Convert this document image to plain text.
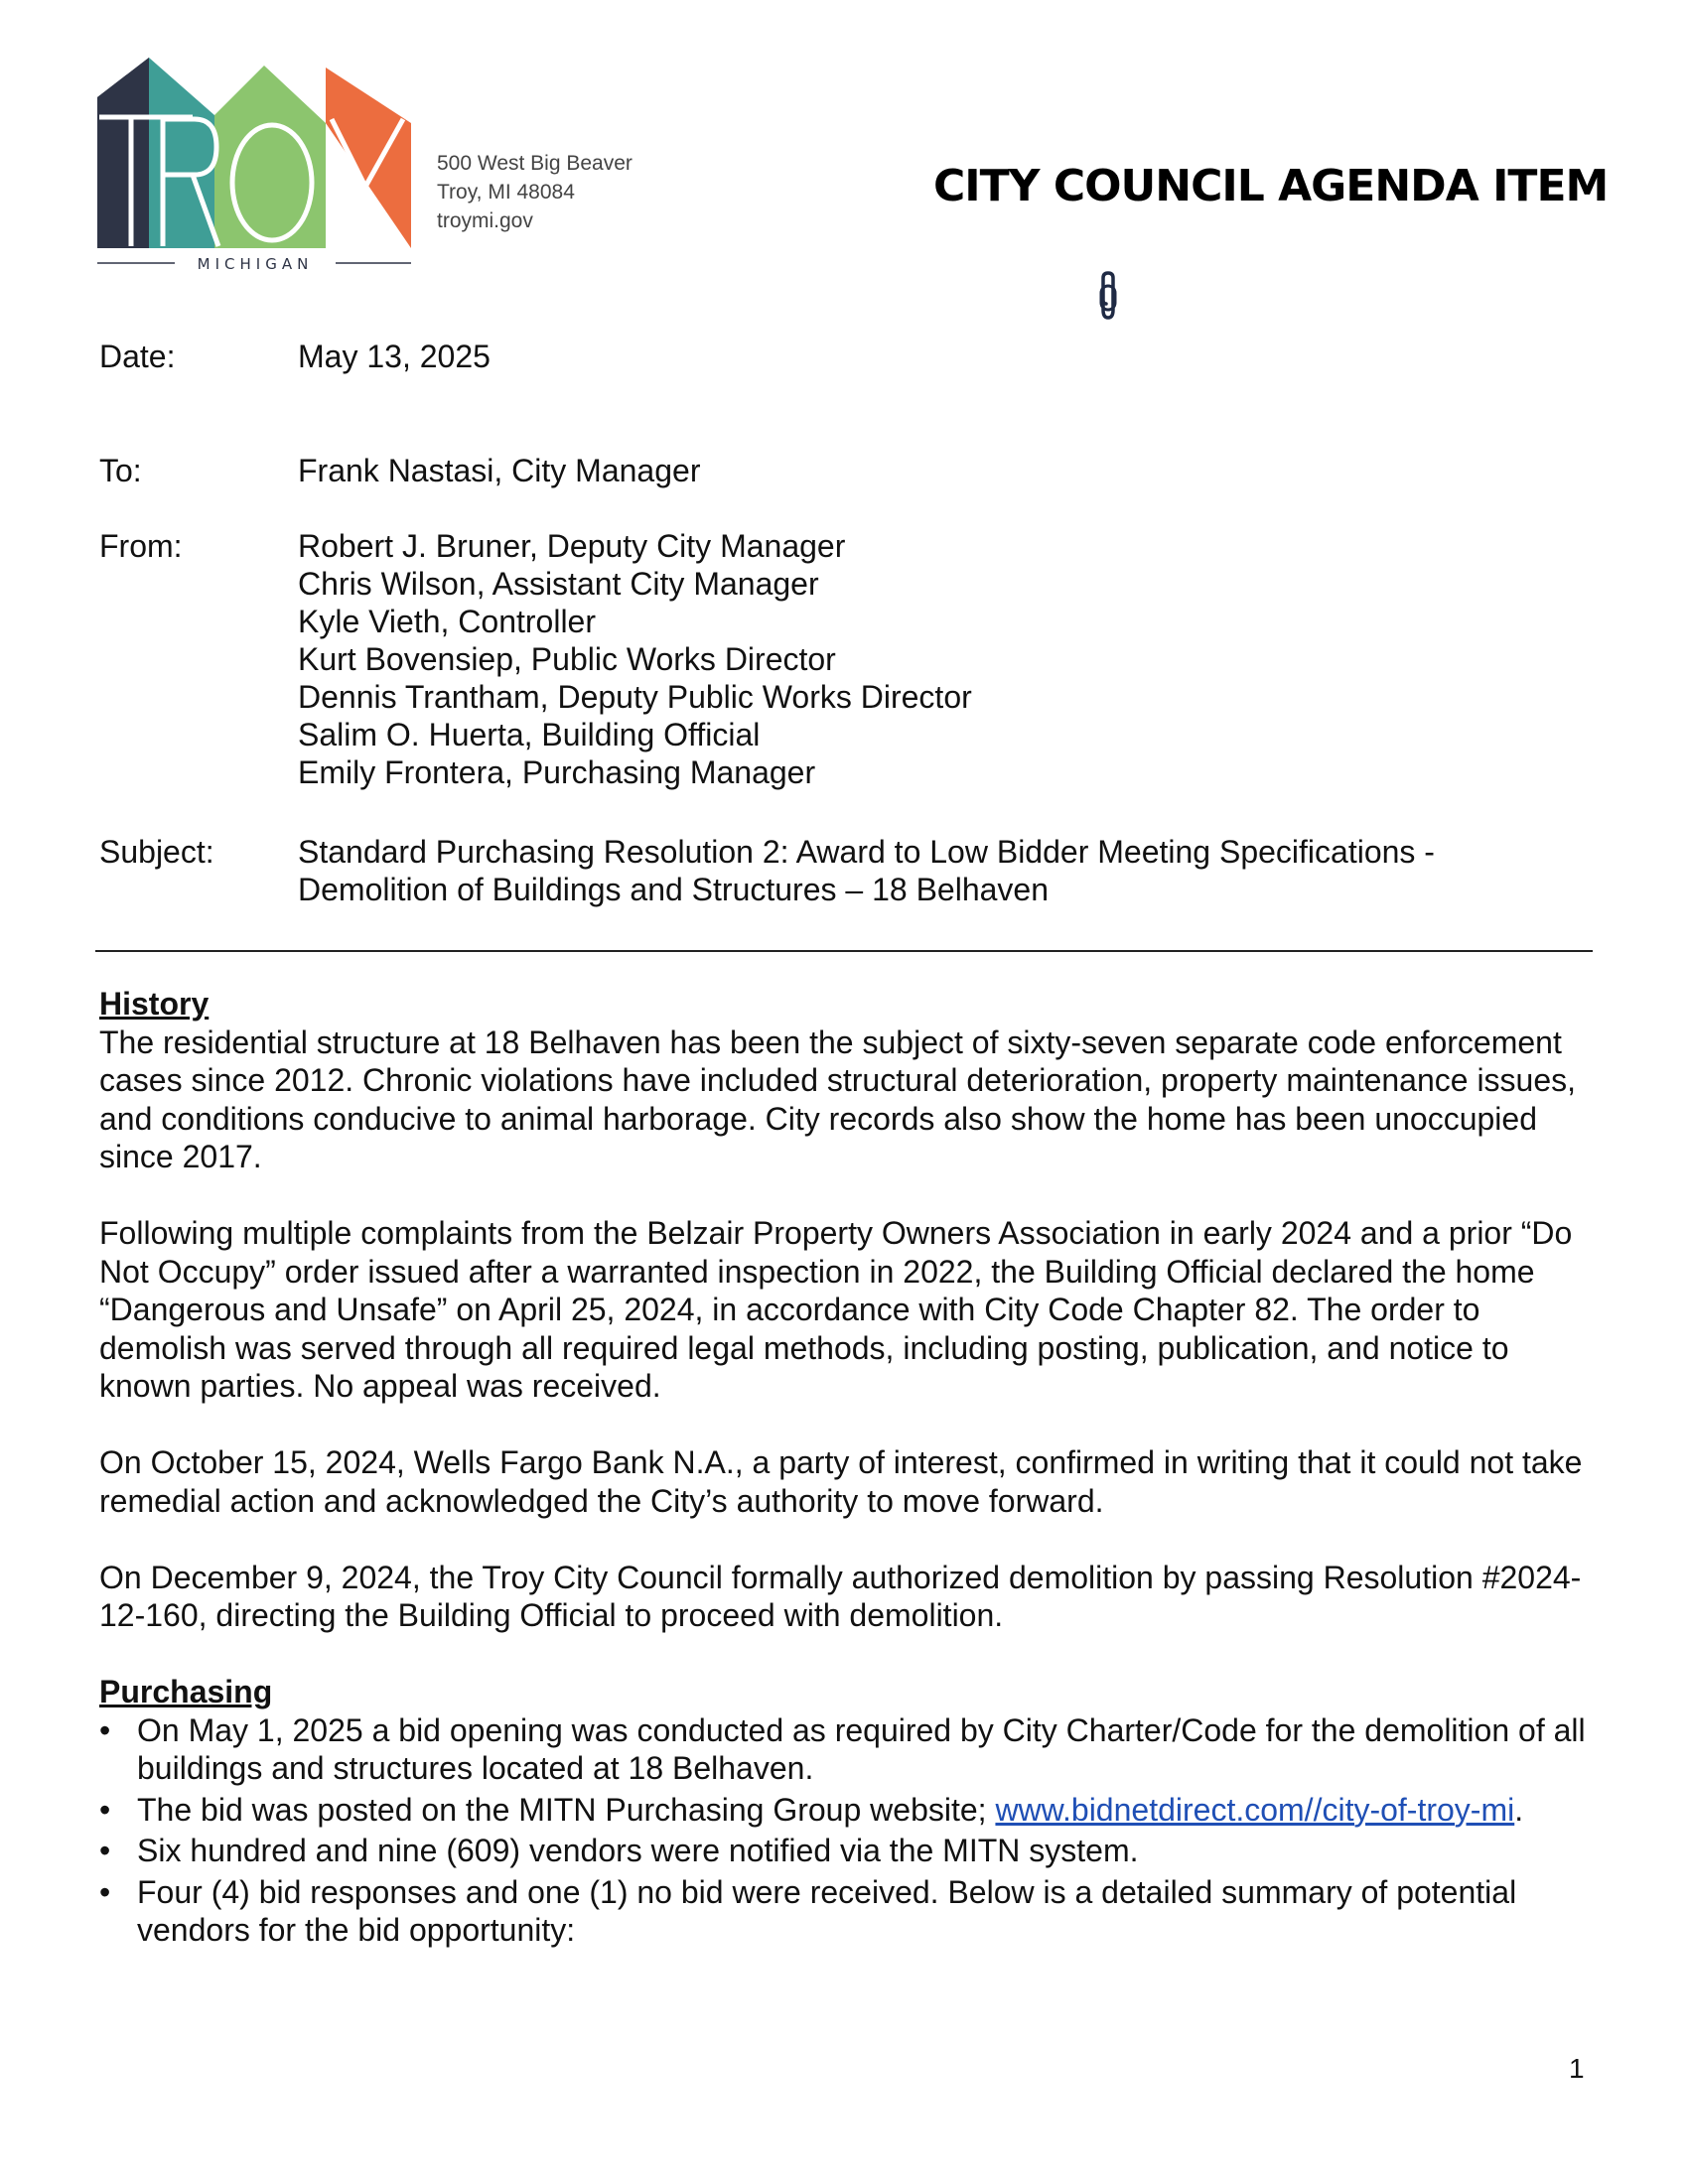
MICHIGAN
500 West Big Beaver
Troy, MI 48084
troymi.gov
CITY COUNCIL AGENDA ITEM
Date:	May 13, 2025
To:	Frank Nastasi, City Manager
From:	Robert J. Bruner, Deputy City Manager
Chris Wilson, Assistant City Manager
Kyle Vieth, Controller
Kurt Bovensiep, Public Works Director
Dennis Trantham, Deputy Public Works Director
Salim O. Huerta, Building Official
Emily Frontera, Purchasing Manager
Subject:	Standard Purchasing Resolution 2: Award to Low Bidder Meeting Specifications -
Demolition of Buildings and Structures – 18 Belhaven

History

The residential structure at 18 Belhaven has been the subject of sixty-seven separate code enforcement cases since 2012. Chronic violations have included structural deterioration, property maintenance issues, and conditions conducive to animal harborage. City records also show the home has been unoccupied since 2017.

Following multiple complaints from the Belzair Property Owners Association in early 2024 and a prior “Do Not Occupy” order issued after a warranted inspection in 2022, the Building Official declared the home “Dangerous and Unsafe” on April 25, 2024, in accordance with City Code Chapter 82. The order to demolish was served through all required legal methods, including posting, publication, and notice to known parties. No appeal was received.

On October 15, 2024, Wells Fargo Bank N.A., a party of interest, confirmed in writing that it could not take remedial action and acknowledged the City’s authority to move forward.

On December 9, 2024, the Troy City Council formally authorized demolition by passing Resolution #2024-12-160, directing the Building Official to proceed with demolition.

Purchasing

• On May 1, 2025 a bid opening was conducted as required by City Charter/Code for the demolition of all buildings and structures located at 18 Belhaven.
• The bid was posted on the MITN Purchasing Group website; www.bidnetdirect.com//city-of-troy-mi.
• Six hundred and nine (609) vendors were notified via the MITN system.
• Four (4) bid responses and one (1) no bid were received. Below is a detailed summary of potential vendors for the bid opportunity:
1
